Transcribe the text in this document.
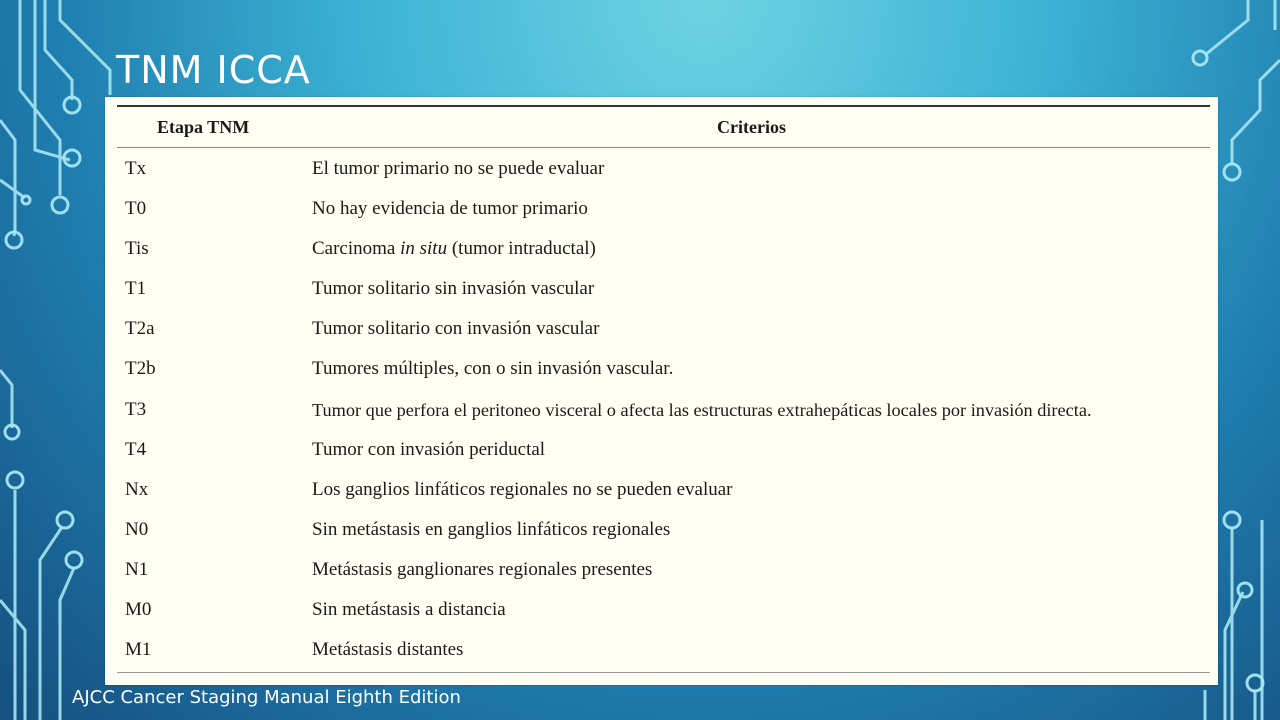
TNM ICCA
Etapa TNM	Criterios
Tx	El tumor primario no se puede evaluar
T0	No hay evidencia de tumor primario
Tis	Carcinoma in situ (tumor intraductal)
T1	Tumor solitario sin invasión vascular
T2a	Tumor solitario con invasión vascular
T2b	Tumores múltiples, con o sin invasión vascular.
T3	Tumor que perfora el peritoneo visceral o afecta las estructuras extrahepáticas locales por invasión directa.
T4	Tumor con invasión periductal
Nx	Los ganglios linfáticos regionales no se pueden evaluar
N0	Sin metástasis en ganglios linfáticos regionales
N1	Metástasis ganglionares regionales presentes
M0	Sin metástasis a distancia
M1	Metástasis distantes
AJCC Cancer Staging Manual Eighth Edition
